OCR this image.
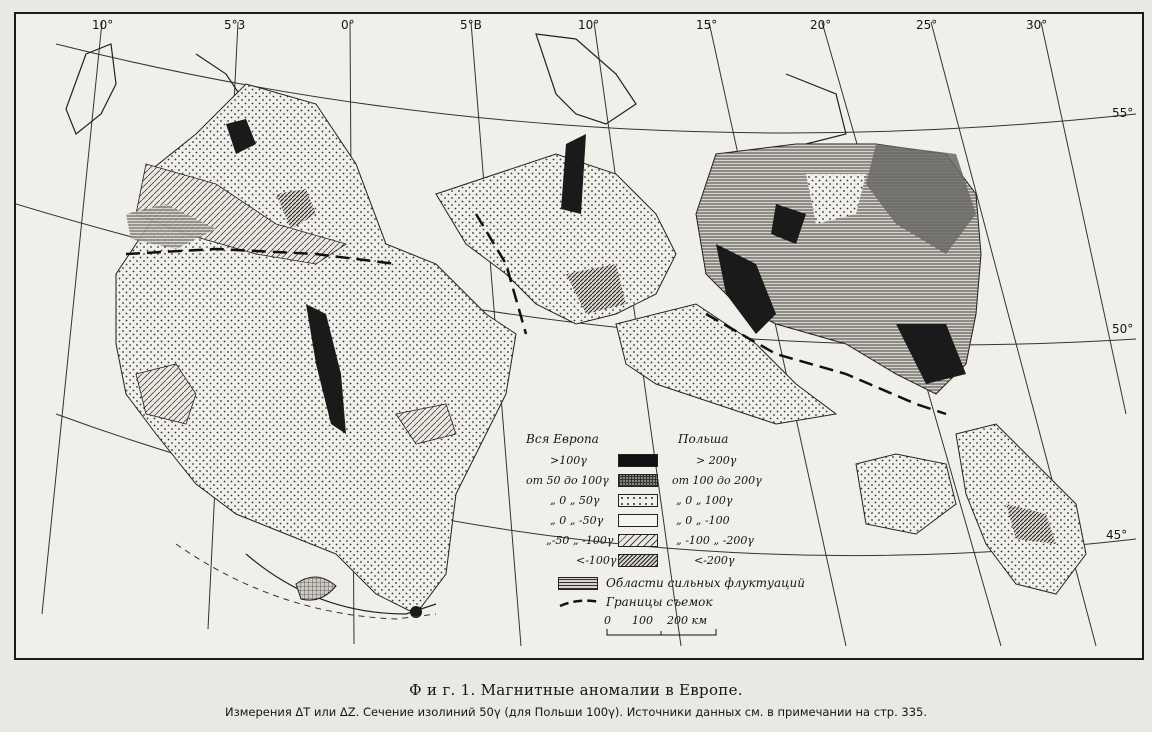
10°	5°3	0°	5°В	10°	15°	20°	25°	30°
55°
50°
45°
Вся Европа	Польша
>100γ	> 200γ
от 50 до 100γ	от 100 до 200γ
„ 0 „ 50γ	„ 0 „ 100γ
„ 0 „ -50γ	„ 0 „ -100
„-50 „ -100γ	„ -100 „ -200γ
<-100γ	<-200γ
Области сильных флуктуаций
Границы съемок
0      100    200 км
Ф и г. 1. Магнитные аномалии в Европе.
Измерения ΔT или ΔZ. Сечение изолиний 50γ (для Польши 100γ). Источники данных см. в примечании на стр. 335.
